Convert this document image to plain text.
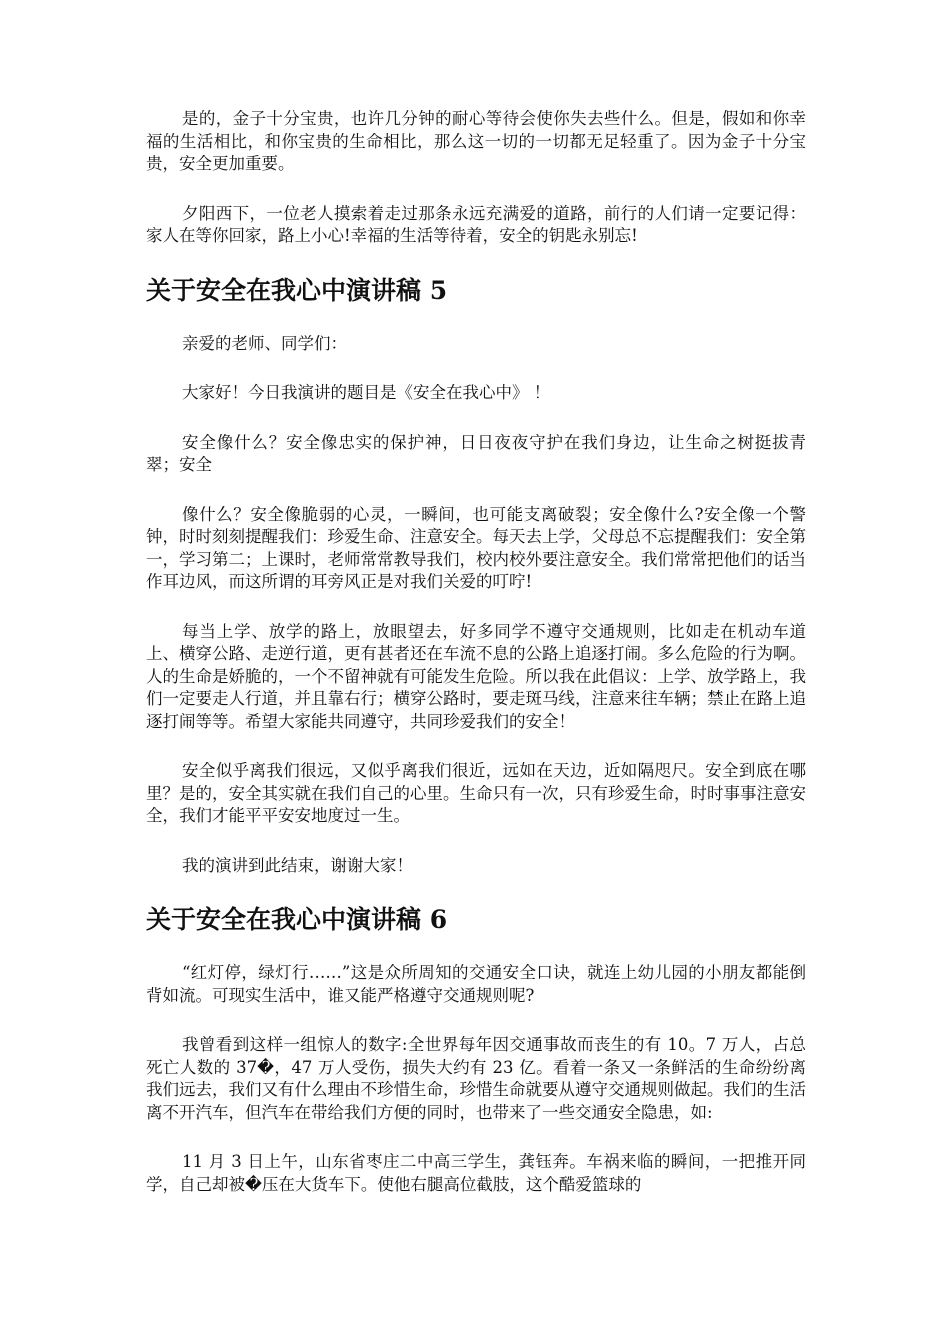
是的，金子十分宝贵，也许几分钟的耐心等待会使你失去些什么。但是，假如和你幸福的生活相比，和你宝贵的生命相比，那么这一切的一切都无足轻重了。因为金子十分宝贵，安全更加重要。

夕阳西下，一位老人摸索着走过那条永远充满爱的道路，前行的人们请一定要记得：家人在等你回家，路上小心!幸福的生活等待着，安全的钥匙永别忘!

关于安全在我心中演讲稿 5

亲爱的老师、同学们：

大家好！今日我演讲的题目是《安全在我心中》 ！

安全像什么？安全像忠实的保护神，日日夜夜守护在我们身边，让生命之树挺拔青翠；安全

像什么？安全像脆弱的心灵，一瞬间，也可能支离破裂；安全像什么?安全像一个警钟，时时刻刻提醒我们：珍爱生命、注意安全。每天去上学，父母总不忘提醒我们：安全第一，学习第二；上课时，老师常常教导我们，校内校外要注意安全。我们常常把他们的话当作耳边风，而这所谓的耳旁风正是对我们关爱的叮咛!

每当上学、放学的路上，放眼望去，好多同学不遵守交通规则，比如走在机动车道上、横穿公路、走逆行道，更有甚者还在车流不息的公路上追逐打闹。多么危险的行为啊。人的生命是娇脆的，一个不留神就有可能发生危险。所以我在此倡议：上学、放学路上，我们一定要走人行道，并且靠右行；横穿公路时，要走斑马线，注意来往车辆；禁止在路上追逐打闹等等。希望大家能共同遵守，共同珍爱我们的安全！

安全似乎离我们很远，又似乎离我们很近，远如在天边，近如隔咫尺。安全到底在哪里？是的，安全其实就在我们自己的心里。生命只有一次，只有珍爱生命，时时事事注意安全，我们才能平平安安地度过一生。

我的演讲到此结束，谢谢大家！

关于安全在我心中演讲稿 6

“红灯停，绿灯行……”这是众所周知的交通安全口诀，就连上幼儿园的小朋友都能倒背如流。可现实生活中，谁又能严格遵守交通规则呢?

我曾看到这样一组惊人的数字:全世界每年因交通事故而丧生的有 10。7 万人，占总死亡人数的 37�，47 万人受伤，损失大约有 23 亿。看着一条又一条鲜活的生命纷纷离我们远去，我们又有什么理由不珍惜生命，珍惜生命就要从遵守交通规则做起。我们的生活离不开汽车，但汽车在带给我们方便的同时，也带来了一些交通安全隐患，如:

11 月 3 日上午，山东省枣庄二中高三学生，龚钰奔。车祸来临的瞬间，一把推开同学，自己却被�压在大货车下。使他右腿高位截肢，这个酷爱篮球的
